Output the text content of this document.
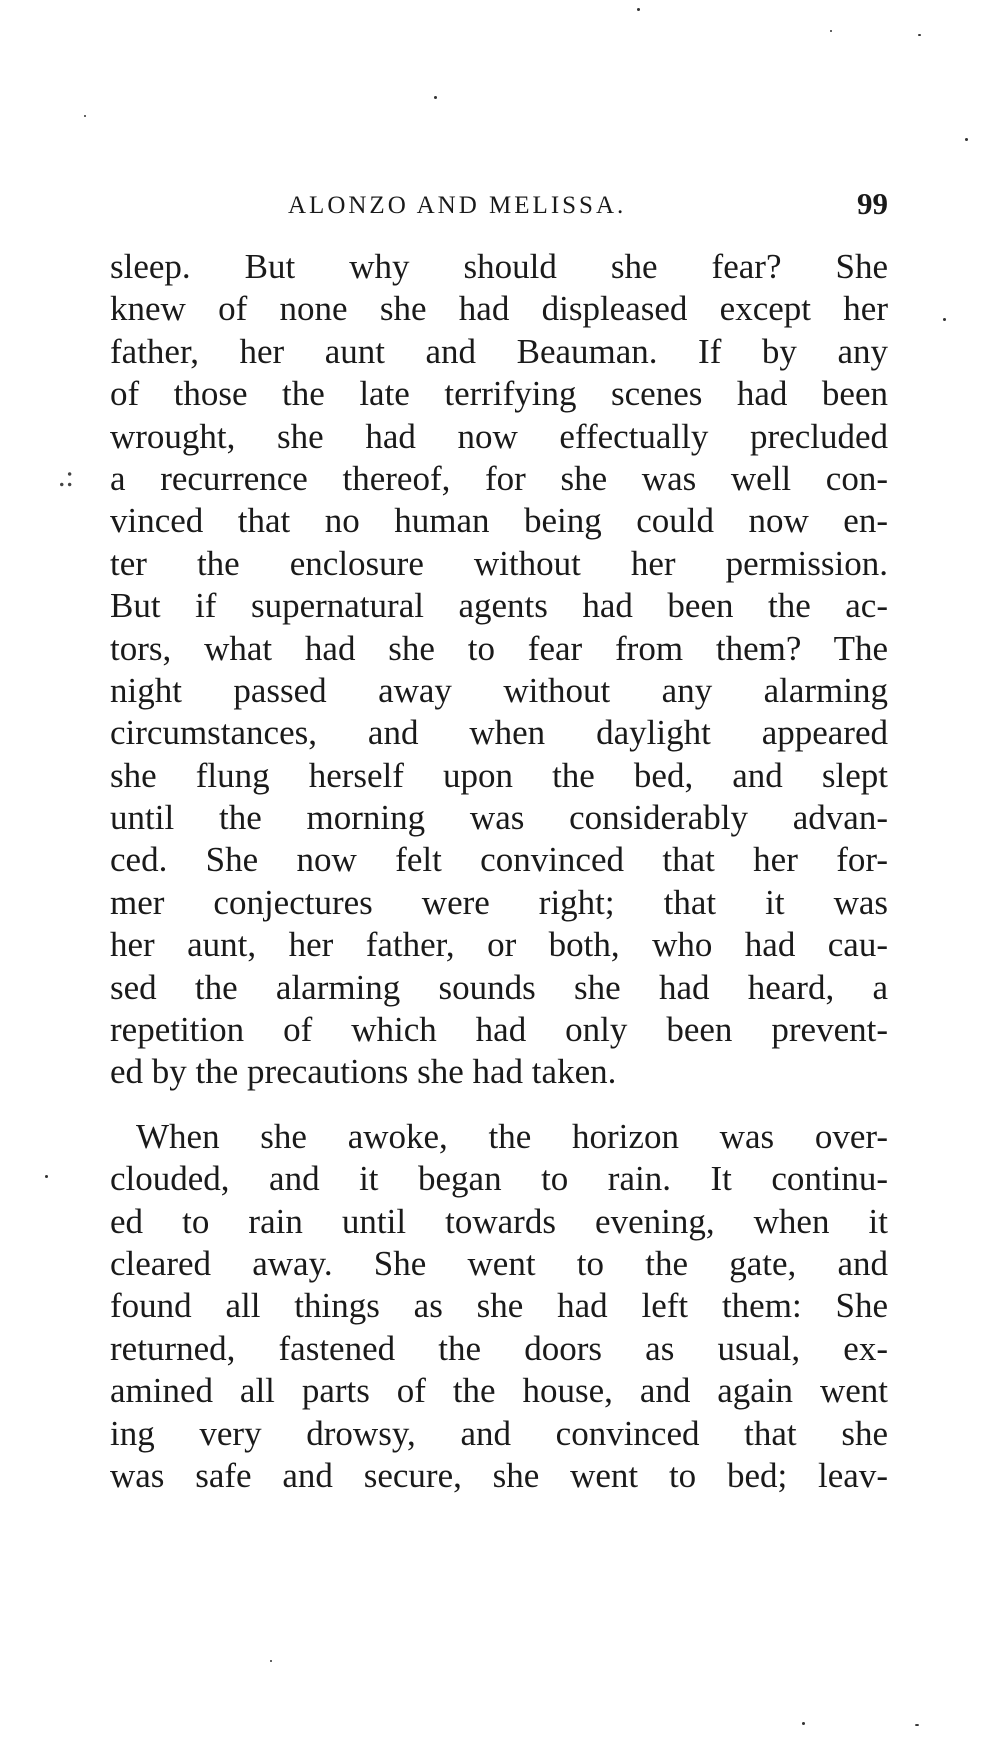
ALONZO AND MELISSA.	99
.:
sleep. But why should she fear? She
knew of none she had displeased except her
father, her aunt and Beauman. If by any
of those the late terrifying scenes had been
wrought, she had now effectually precluded
a recurrence thereof, for she was well con-
vinced that no human being could now en-
ter the enclosure without her permission.
But if supernatural agents had been the ac-
tors, what had she to fear from them? The
night passed away without any alarming
circumstances, and when daylight appeared
she flung herself upon the bed, and slept
until the morning was considerably advan-
ced. She now felt convinced that her for-
mer conjectures were right; that it was
her aunt, her father, or both, who had cau-
sed the alarming sounds she had heard, a
repetition of which had only been prevent-
ed by the precautions she had taken.
When she awoke, the horizon was over-
clouded, and it began to rain. It continu-
ed to rain until towards evening, when it
cleared away. She went to the gate, and
found all things as she had left them: She
returned, fastened the doors as usual, ex-
amined all parts of the house, and again went
ing very drowsy, and convinced that she
was safe and secure, she went to bed; leav-
